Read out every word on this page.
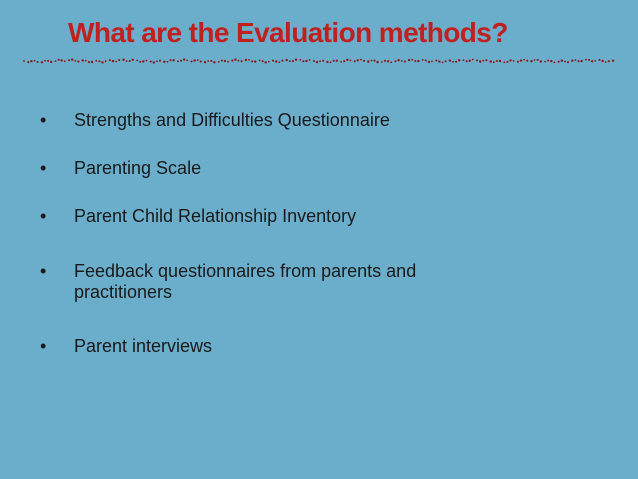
What are the Evaluation methods?
•	Strengths and Difficulties Questionnaire
•	Parenting Scale
•	Parent Child Relationship Inventory
•	Feedback questionnaires from parents and practitioners
•	Parent interviews
